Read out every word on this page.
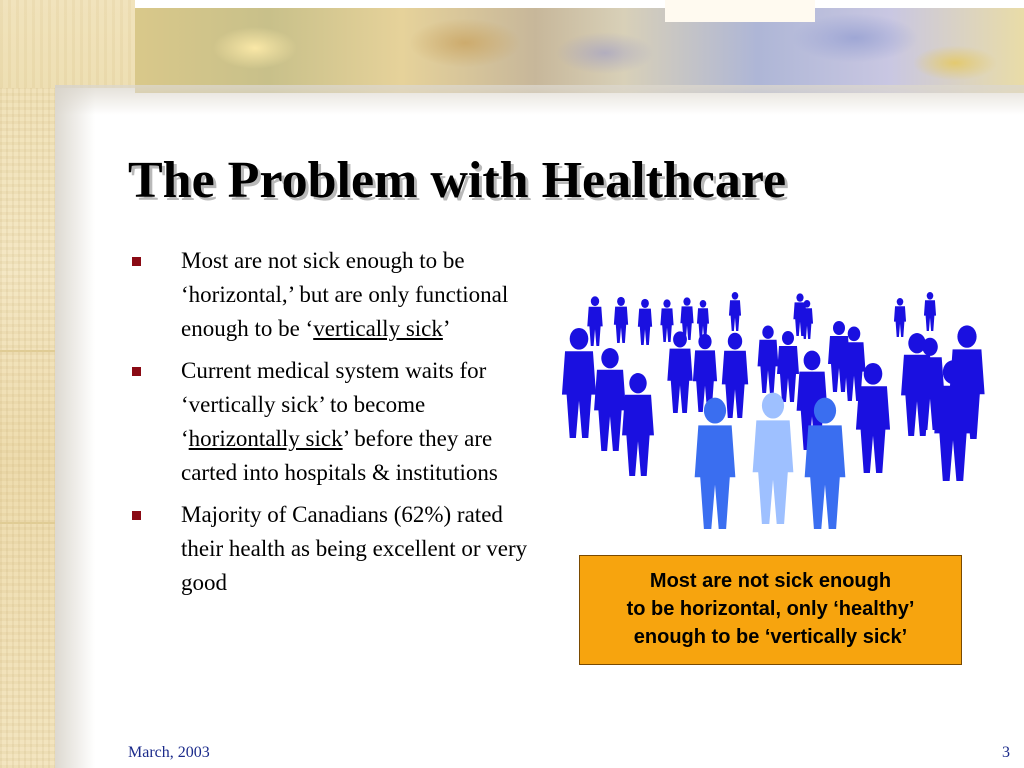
The Problem with Healthcare
Most are not sick enough to be ‘horizontal,’ but are only functional enough to be ‘vertically sick’
Current medical system waits for ‘vertically sick’ to become ‘horizontally sick’ before they are carted into hospitals & institutions
Majority of Canadians (62%) rated their health as being excellent or very good	Most are not sick enough
to be horizontal, only ‘healthy’
enough to be ‘vertically sick’
March, 2003	3
